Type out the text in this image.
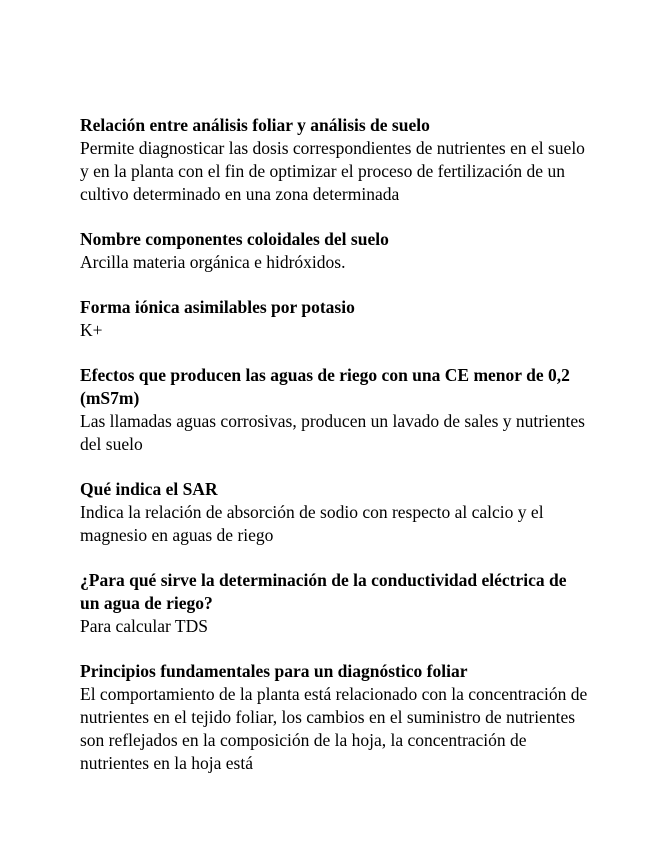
Relación entre análisis foliar y análisis de suelo

Permite diagnosticar las dosis correspondientes de nutrientes en el suelo y en la planta con el fin de optimizar el proceso de fertilización de un cultivo determinado en una zona determinada

Nombre componentes coloidales del suelo

Arcilla materia orgánica e hidróxidos.

Forma iónica asimilables por potasio

K+

Efectos que producen las aguas de riego con una CE menor de 0,2 (mS7m)

Las llamadas aguas corrosivas, producen un lavado de sales y nutrientes del suelo

Qué indica el SAR

Indica la relación de absorción de sodio con respecto al calcio y el magnesio en aguas de riego

¿Para qué sirve la determinación de la conductividad eléctrica de un agua de riego?

Para calcular TDS

Principios fundamentales para un diagnóstico foliar

El comportamiento de la planta está relacionado con la concentración de nutrientes en el tejido foliar, los cambios en el suministro de nutrientes son reflejados en la composición de la hoja, la concentración de nutrientes en la hoja está
